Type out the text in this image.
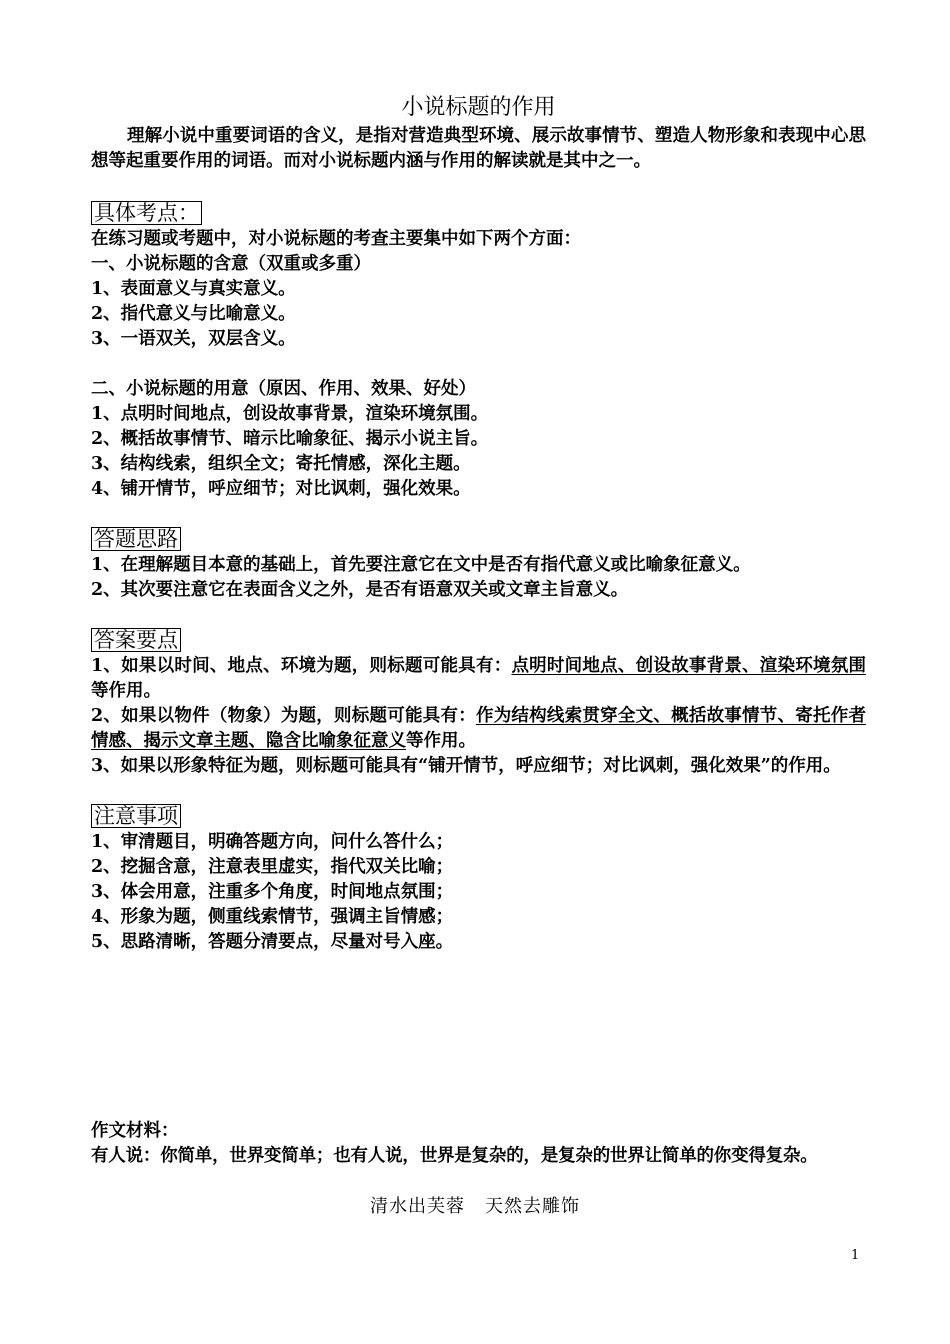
小说标题的作用

理解小说中重要词语的含义，是指对营造典型环境、展示故事情节、塑造人物形象和表现中心思想等起重要作用的词语。而对小说标题内涵与作用的解读就是其中之一。

具体考点：

在练习题或考题中，对小说标题的考查主要集中如下两个方面：

一、小说标题的含意（双重或多重）

1、表面意义与真实意义。

2、指代意义与比喻意义。

3、一语双关，双层含义。

二、小说标题的用意（原因、作用、效果、好处）

1、点明时间地点，创设故事背景，渲染环境氛围。

2、概括故事情节、暗示比喻象征、揭示小说主旨。

3、结构线索，组织全文；寄托情感，深化主题。

4、铺开情节，呼应细节；对比讽刺，强化效果。

答题思路

1、在理解题目本意的基础上，首先要注意它在文中是否有指代意义或比喻象征意义。

2、其次要注意它在表面含义之外，是否有语意双关或文章主旨意义。

答案要点

1、如果以时间、地点、环境为题，则标题可能具有：点明时间地点、创设故事背景、渲染环境氛围等作用。

2、如果以物件（物象）为题，则标题可能具有：作为结构线索贯穿全文、概括故事情节、寄托作者情感、揭示文章主题、隐含比喻象征意义等作用。

3、如果以形象特征为题，则标题可能具有“铺开情节，呼应细节；对比讽刺，强化效果”的作用。

注意事项

1、审清题目，明确答题方向，问什么答什么；

2、挖掘含意，注意表里虚实，指代双关比喻；

3、体会用意，注重多个角度，时间地点氛围；

4、形象为题，侧重线索情节，强调主旨情感；

5、思路清晰，答题分清要点，尽量对号入座。

作文材料：

有人说：你简单，世界变简单；也有人说，世界是复杂的，是复杂的世界让简单的你变得复杂。

清水出芙蓉 天然去雕饰
1
